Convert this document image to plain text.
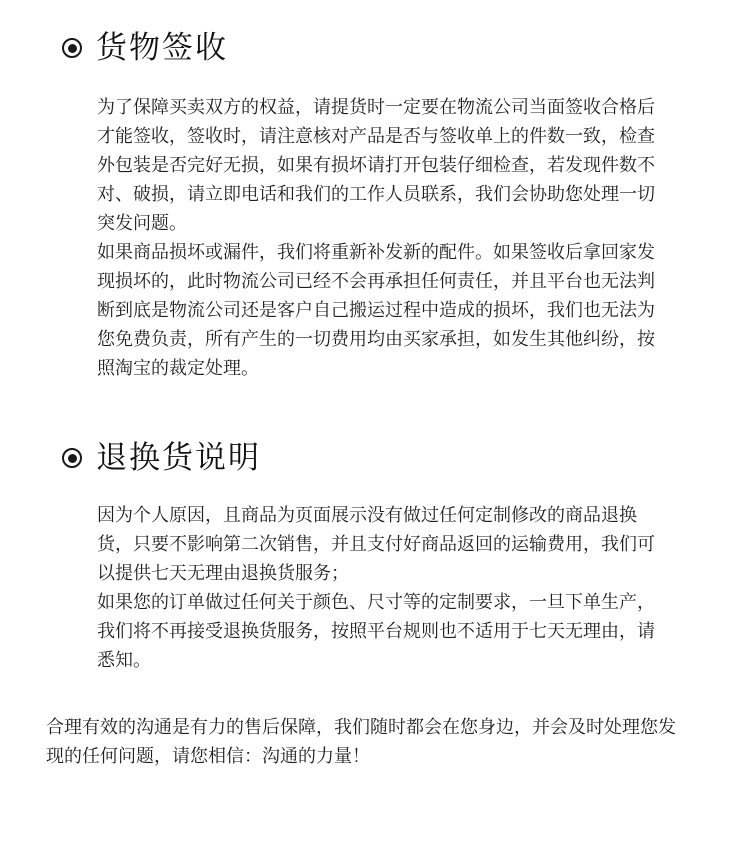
货物签收

为了保障买卖双方的权益，请提货时一定要在物流公司当面签收合格后才能签收，签收时，请注意核对产品是否与签收单上的件数一致，检查外包装是否完好无损，如果有损坏请打开包装仔细检查，若发现件数不对、破损，请立即电话和我们的工作人员联系，我们会协助您处理一切突发问题。

如果商品损坏或漏件，我们将重新补发新的配件。如果签收后拿回家发现损坏的，此时物流公司已经不会再承担任何责任，并且平台也无法判断到底是物流公司还是客户自己搬运过程中造成的损坏，我们也无法为您免费负责，所有产生的一切费用均由买家承担，如发生其他纠纷，按照淘宝的裁定处理。

退换货说明

因为个人原因，且商品为页面展示没有做过任何定制修改的商品退换货，只要不影响第二次销售，并且支付好商品返回的运输费用，我们可以提供七天无理由退换货服务；

如果您的订单做过任何关于颜色、尺寸等的定制要求，一旦下单生产，我们将不再接受退换货服务，按照平台规则也不适用于七天无理由，请悉知。

合理有效的沟通是有力的售后保障，我们随时都会在您身边，并会及时处理您发现的任何问题，请您相信：沟通的力量！
